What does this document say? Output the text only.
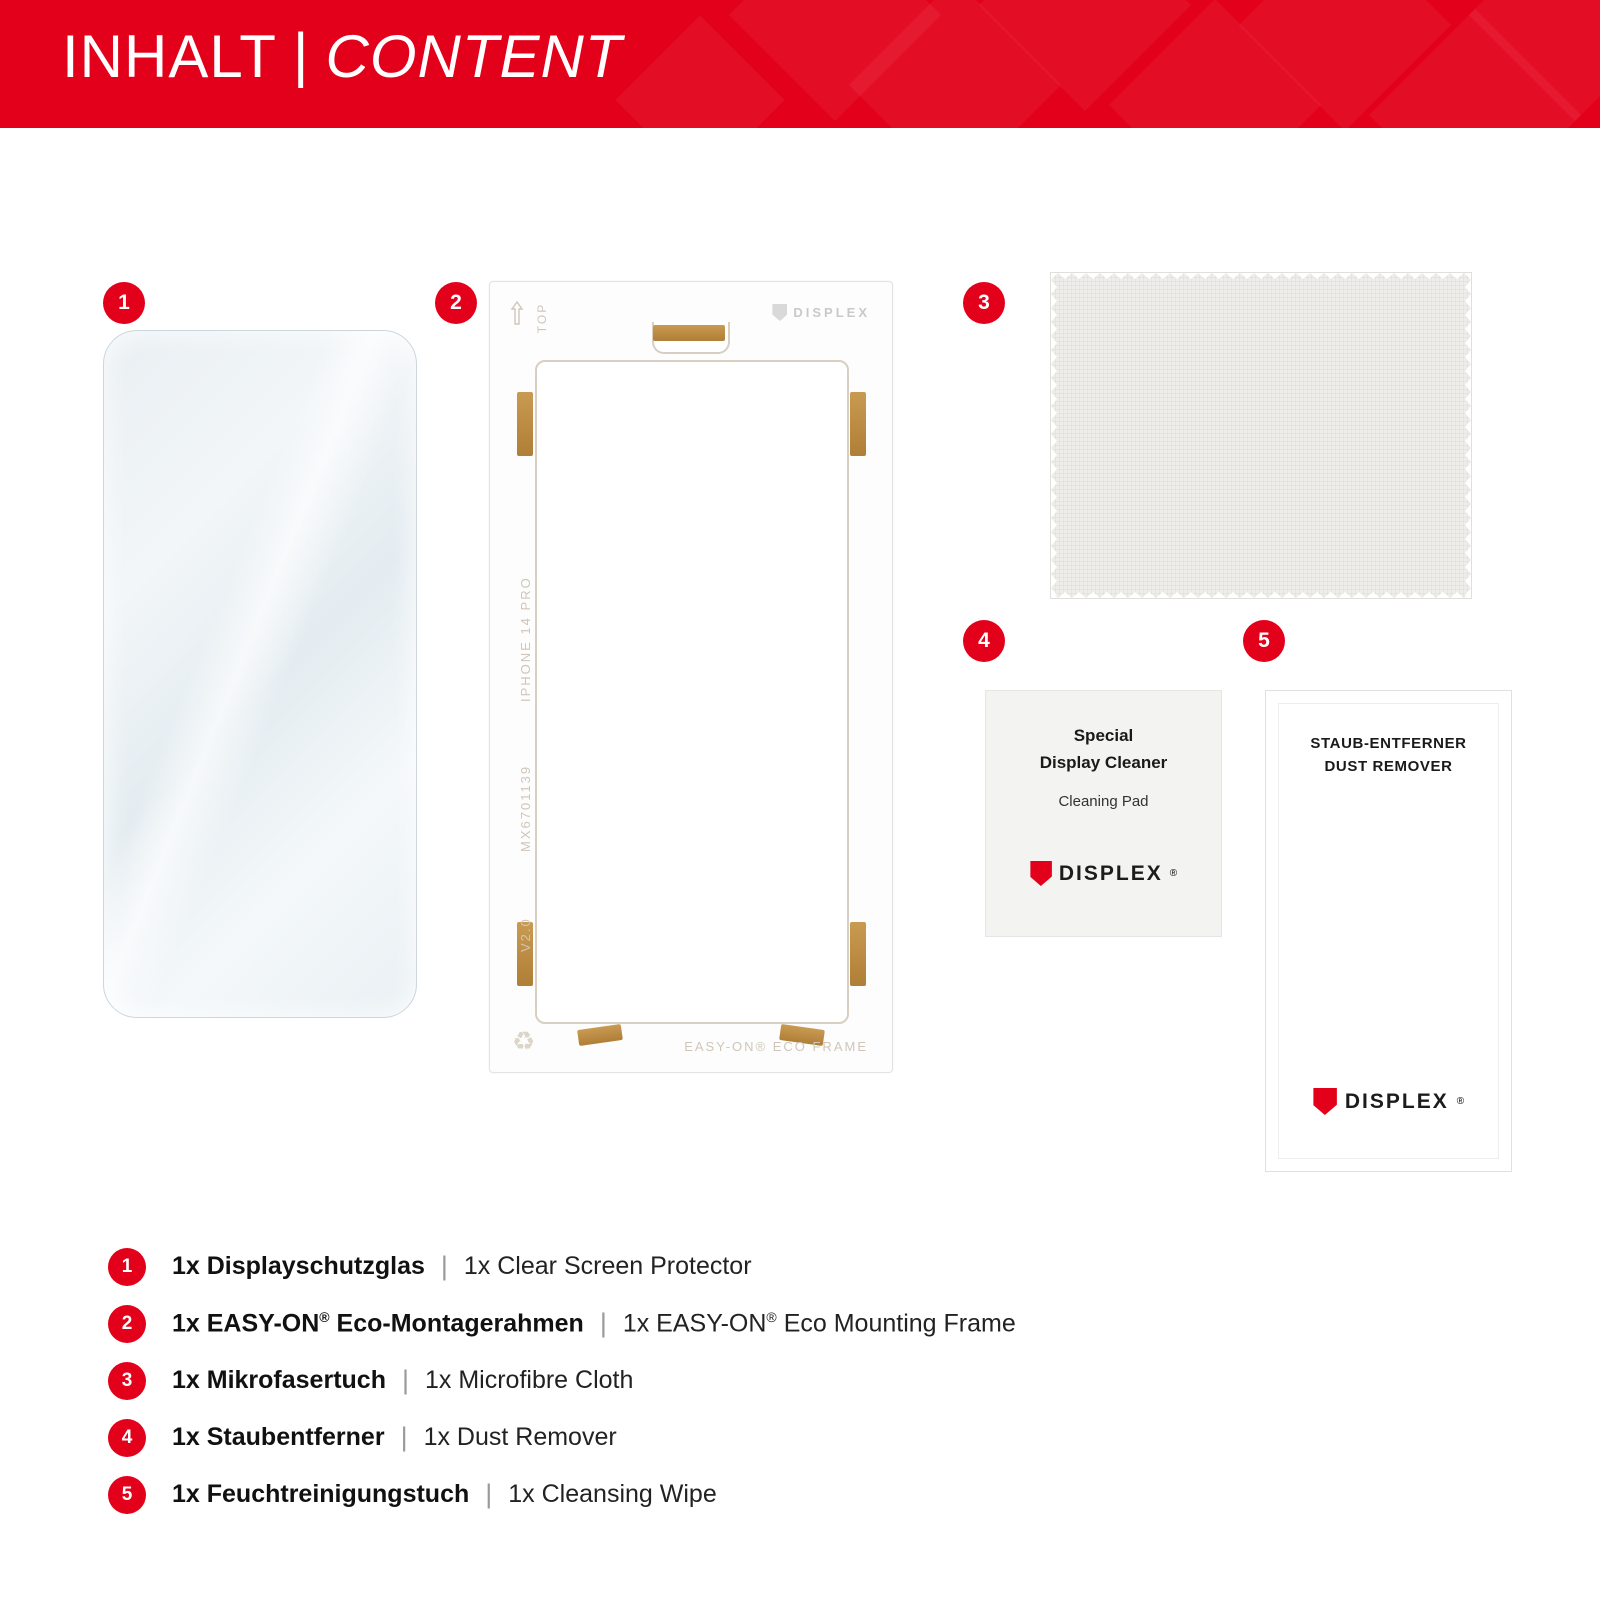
INHALT | CONTENT
1	2
TOP	DISPLEX
IPHONE 14 PRO
MX6701139
V2.0
♻	EASY-ON® ECO FRAME
3
4
Special
Display Cleaner
Cleaning Pad
DISPLEX ®
5
STAUB-ENTFERNER
DUST REMOVER
DISPLEX ®
1	1x Displayschutzglas | 1x Clear Screen Protector
2	1x EASY-ON® Eco-Montagerahmen | 1x EASY-ON® Eco Mounting Frame
3	1x Mikrofasertuch | 1x Microfibre Cloth
4	1x Staubentferner | 1x Dust Remover
5	1x Feuchtreinigungstuch | 1x Cleansing Wipe
